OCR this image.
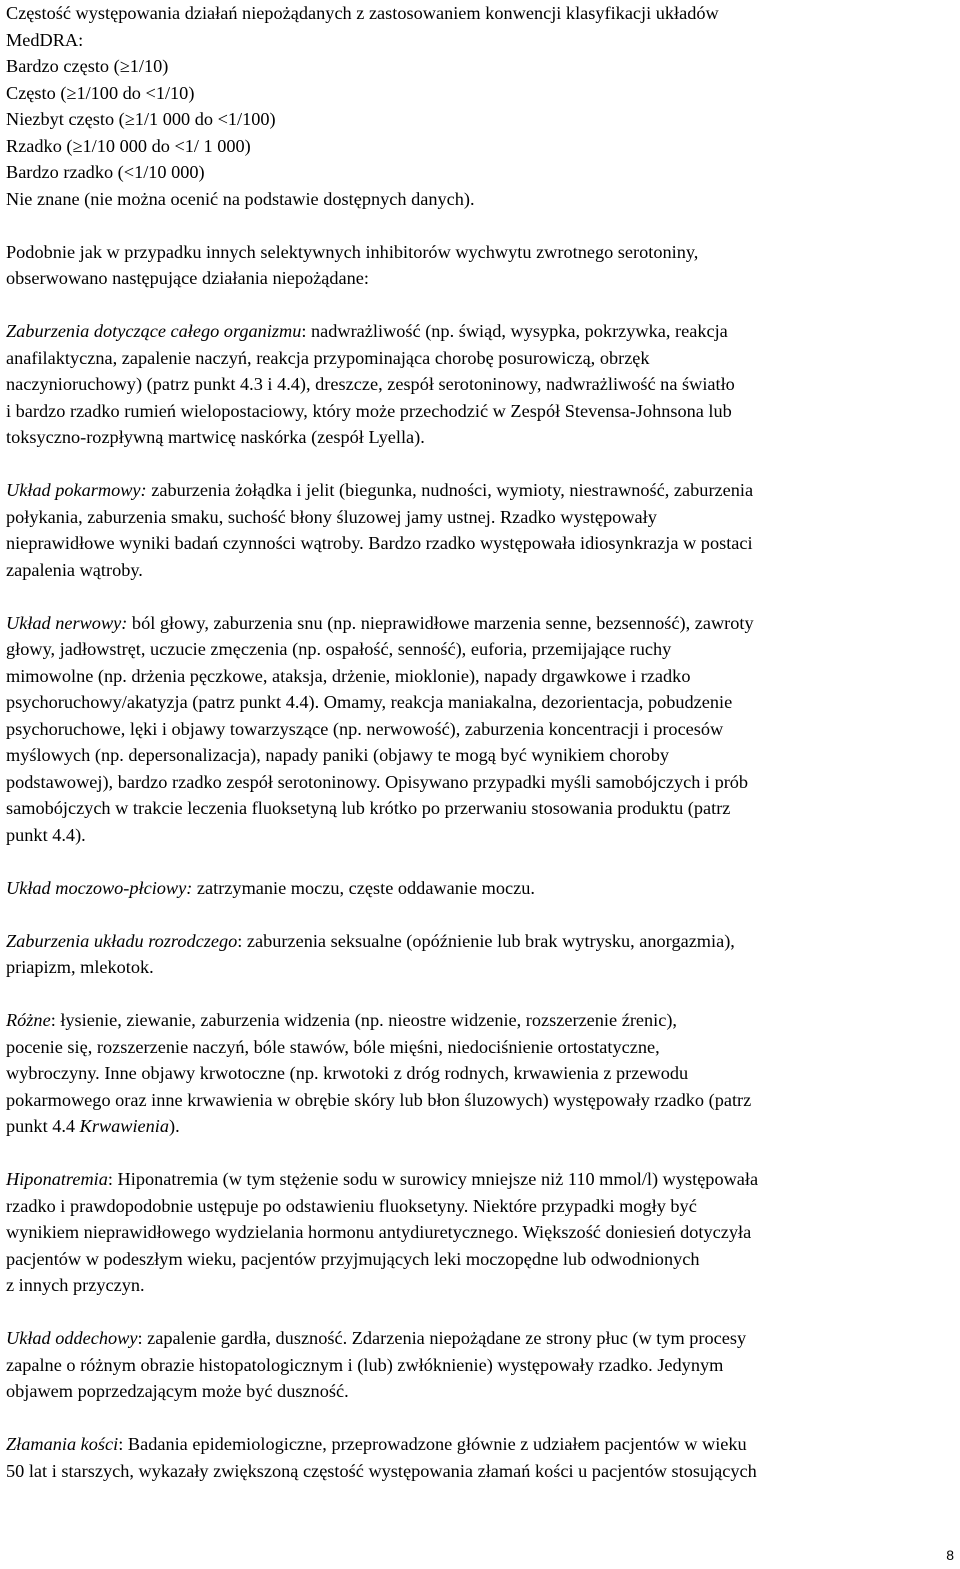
Częstość występowania działań niepożądanych z zastosowaniem konwencji klasyfikacji układów
MedDRA:
Bardzo często (≥1/10)
Często (≥1/100 do <1/10)
Niezbyt często (≥1/1 000 do <1/100)
Rzadko (≥1/10 000 do <1/ 1 000)
Bardzo rzadko (<1/10 000)
Nie znane (nie można ocenić na podstawie dostępnych danych).
Podobnie jak w przypadku innych selektywnych inhibitorów wychwytu zwrotnego serotoniny,
obserwowano następujące działania niepożądane:
Zaburzenia dotyczące całego organizmu: nadwrażliwość (np. świąd, wysypka, pokrzywka, reakcja
anafilaktyczna, zapalenie naczyń, reakcja przypominająca chorobę posurowiczą, obrzęk
naczynioruchowy) (patrz punkt 4.3 i 4.4), dreszcze, zespół serotoninowy, nadwrażliwość na światło
i bardzo rzadko rumień wielopostaciowy, który może przechodzić w Zespół Stevensa-Johnsona lub
toksyczno-rozpływną martwicę naskórka (zespół Lyella).
Układ pokarmowy: zaburzenia żołądka i jelit (biegunka, nudności, wymioty, niestrawność, zaburzenia
połykania, zaburzenia smaku, suchość błony śluzowej jamy ustnej. Rzadko występowały
nieprawidłowe wyniki badań czynności wątroby. Bardzo rzadko występowała idiosynkrazja w postaci
zapalenia wątroby.
Układ nerwowy: ból głowy, zaburzenia snu (np. nieprawidłowe marzenia senne, bezsenność), zawroty
głowy, jadłowstręt, uczucie zmęczenia (np. ospałość, senność), euforia, przemijające ruchy
mimowolne (np. drżenia pęczkowe, ataksja, drżenie, mioklonie), napady drgawkowe i rzadko
psychoruchowy/akatyzja (patrz punkt 4.4). Omamy, reakcja maniakalna, dezorientacja, pobudzenie
psychoruchowe, lęki i objawy towarzyszące (np. nerwowość), zaburzenia koncentracji i procesów
myślowych (np. depersonalizacja), napady paniki (objawy te mogą być wynikiem choroby
podstawowej), bardzo rzadko zespół serotoninowy. Opisywano przypadki myśli samobójczych i prób
samobójczych w trakcie leczenia fluoksetyną lub krótko po przerwaniu stosowania produktu (patrz
punkt 4.4).
Układ moczowo-płciowy: zatrzymanie moczu, częste oddawanie moczu.
Zaburzenia układu rozrodczego: zaburzenia seksualne (opóźnienie lub brak wytrysku, anorgazmia),
priapizm, mlekotok.
Różne: łysienie, ziewanie, zaburzenia widzenia (np. nieostre widzenie, rozszerzenie źrenic),
pocenie się, rozszerzenie naczyń, bóle stawów, bóle mięśni, niedociśnienie ortostatyczne,
wybroczyny. Inne objawy krwotoczne (np. krwotoki z dróg rodnych, krwawienia z przewodu
pokarmowego oraz inne krwawienia w obrębie skóry lub błon śluzowych) występowały rzadko (patrz
punkt 4.4 Krwawienia).
Hiponatremia: Hiponatremia (w tym stężenie sodu w surowicy mniejsze niż 110 mmol/l) występowała
rzadko i prawdopodobnie ustępuje po odstawieniu fluoksetyny. Niektóre przypadki mogły być
wynikiem nieprawidłowego wydzielania hormonu antydiuretycznego. Większość doniesień dotyczyła
pacjentów w podeszłym wieku, pacjentów przyjmujących leki moczopędne lub odwodnionych
z innych przyczyn.
Układ oddechowy: zapalenie gardła, duszność. Zdarzenia niepożądane ze strony płuc (w tym procesy
zapalne o różnym obrazie histopatologicznym i (lub) zwłóknienie) występowały rzadko. Jedynym
objawem poprzedzającym może być duszność.
Złamania kości: Badania epidemiologiczne, przeprowadzone głównie z udziałem pacjentów w wieku
50 lat i starszych, wykazały zwiększoną częstość występowania złamań kości u pacjentów stosujących
8
